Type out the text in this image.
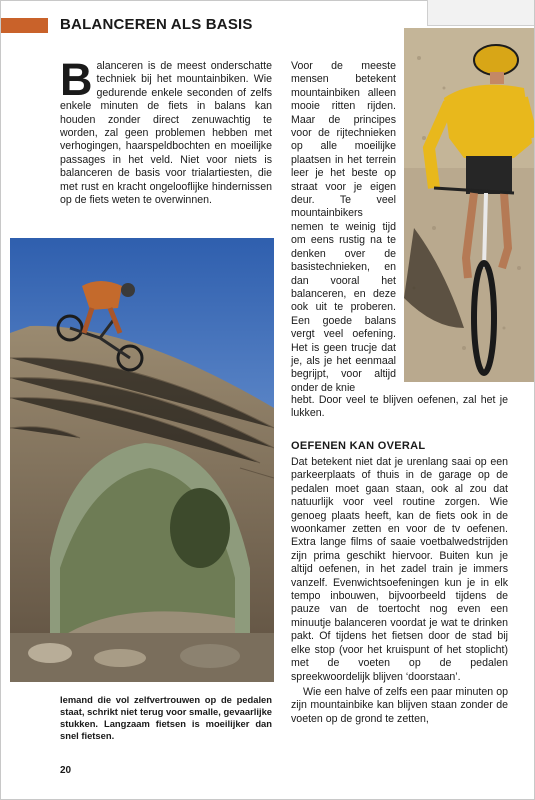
BALANCEREN ALS BASIS

Balanceren is de meest onderschatte techniek bij het mountainbiken. Wie gedurende enkele seconden of zelfs enkele minuten de fiets in balans kan houden zonder direct zenuwachtig te worden, zal geen problemen hebben met verhogingen, haarspeldbochten en moeilijke passages in het veld. Niet voor niets is balanceren de basis voor trialartiesten, die met rust en kracht ongelooflijke hindernissen op de fiets weten te overwinnen.

Voor de meeste mensen betekent mountainbiken alleen mooie ritten rijden. Maar de principes voor de rijtechnieken op alle moeilijke plaatsen in het terrein leer je het beste op straat voor je eigen deur. Te veel mountainbikers nemen te weinig tijd om eens rustig na te denken over de basistechnieken, en dan vooral het balanceren, en deze ook uit te proberen. Een goede balans vergt veel oefening. Het is geen trucje dat je, als je het eenmaal begrijpt, voor altijd onder de knie

hebt. Door veel te blijven oefenen, zal het je lukken.

OEFENEN KAN OVERAL

Dat betekent niet dat je urenlang saai op een parkeerplaats of thuis in de garage op de pedalen moet gaan staan, ook al zou dat natuurlijk voor veel routine zorgen. Wie genoeg plaats heeft, kan de fiets ook in de woonkamer zetten en voor de tv oefenen. Extra lange films of saaie voetbalwedstrijden zijn prima geschikt hiervoor. Buiten kun je altijd oefenen, in het zadel train je immers vanzelf. Evenwichtsoefeningen kun je in elk tempo inbouwen, bijvoorbeeld tijdens de pauze van de toertocht nog even een minuutje balanceren voordat je wat te drinken pakt. Of tijdens het fietsen door de stad bij elke stop (voor het kruispunt of het stoplicht) met de voeten op de pedalen spreekwoordelijk blijven ‘doorstaan’.

Wie een halve of zelfs een paar minuten op zijn mountainbike kan blijven staan zonder de voeten op de grond te zetten,

Iemand die vol zelfvertrouwen op de pedalen staat, schrikt niet terug voor smalle, gevaarlijke stukken. Langzaam fietsen is moeilijker dan snel fietsen.
20
